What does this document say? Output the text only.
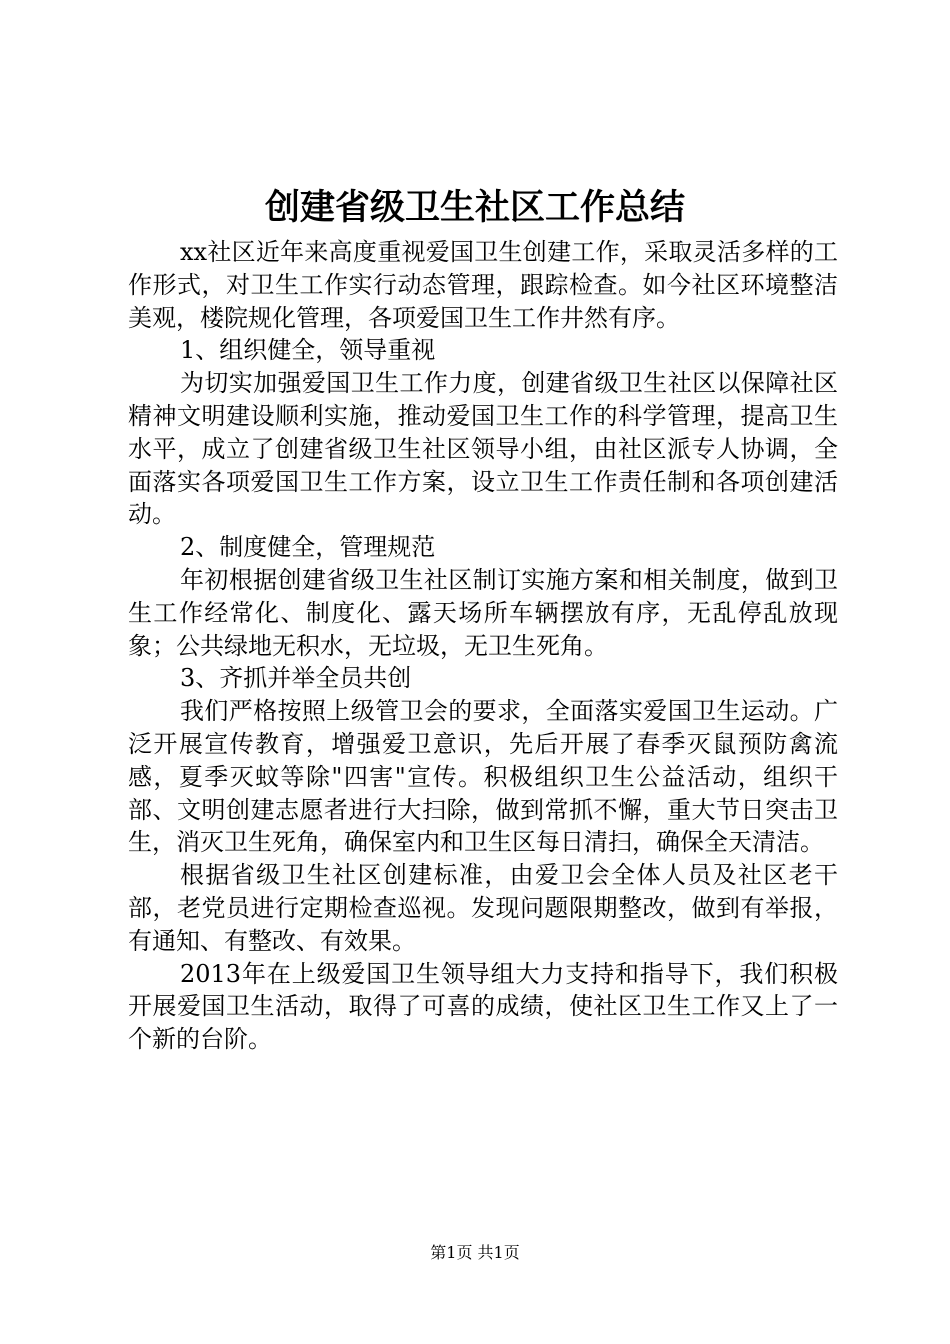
创建省级卫生社区工作总结

xx社区近年来高度重视爱国卫生创建工作，采取灵活多样的工作形式，对卫生工作实行动态管理，跟踪检查。如今社区环境整洁美观，楼院规化管理，各项爱国卫生工作井然有序。

1、组织健全，领导重视

为切实加强爱国卫生工作力度，创建省级卫生社区以保障社区精神文明建设顺利实施，推动爱国卫生工作的科学管理，提高卫生水平，成立了创建省级卫生社区领导小组，由社区派专人协调，全面落实各项爱国卫生工作方案，设立卫生工作责任制和各项创建活动。

2、制度健全，管理规范

年初根据创建省级卫生社区制订实施方案和相关制度，做到卫生工作经常化、制度化、露天场所车辆摆放有序，无乱停乱放现象；公共绿地无积水，无垃圾，无卫生死角。

3、齐抓并举全员共创

我们严格按照上级管卫会的要求，全面落实爱国卫生运动。广泛开展宣传教育，增强爱卫意识，先后开展了春季灭鼠预防禽流感，夏季灭蚊等除"四害"宣传。积极组织卫生公益活动，组织干部、文明创建志愿者进行大扫除，做到常抓不懈，重大节日突击卫生，消灭卫生死角，确保室内和卫生区每日清扫，确保全天清洁。

根据省级卫生社区创建标准，由爱卫会全体人员及社区老干部，老党员进行定期检查巡视。发现问题限期整改，做到有举报，有通知、有整改、有效果。

2013年在上级爱国卫生领导组大力支持和指导下，我们积极开展爱国卫生活动，取得了可喜的成绩，使社区卫生工作又上了一个新的台阶。

第1页 共1页
